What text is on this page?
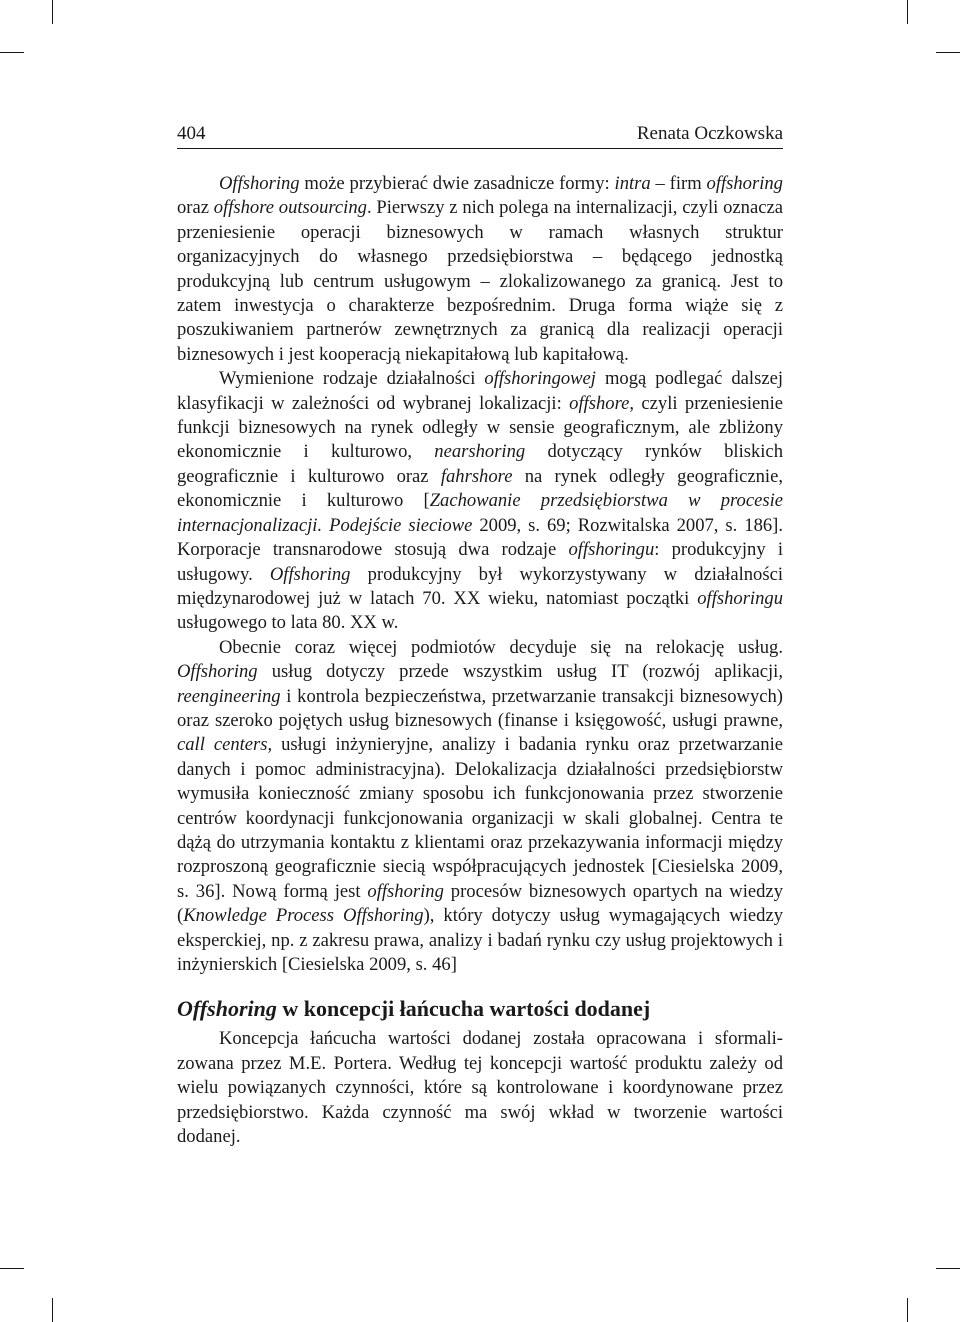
404	Renata Oczkowska

Offshoring może przybierać dwie zasadnicze formy: intra – firm offshoring oraz offshore outsourcing. Pierwszy z nich polega na internalizacji, czyli oznacza przeniesienie operacji biznesowych w ramach własnych struktur organizacyjnych do własnego przedsiębiorstwa – będącego jednostką produkcyjną lub centrum usługowym – zlokalizowanego za granicą. Jest to zatem inwestycja o charakterze bezpośrednim. Druga forma wiąże się z poszukiwaniem partnerów zewnętrznych za granicą dla realizacji operacji biznesowych i jest kooperacją niekapitałową lub kapitałową.

Wymienione rodzaje działalności offshoringowej mogą podlegać dalszej klasyfikacji w zależności od wybranej lokalizacji: offshore, czyli przeniesienie funkcji biznesowych na rynek odległy w sensie geograficznym, ale zbliżony ekonomicznie i kulturowo, nearshoring dotyczący rynków bliskich geograficznie i kulturowo oraz fahrshore na rynek odległy geograficznie, ekonomicznie i kulturowo [Zachowanie przedsiębiorstwa w procesie internacjonalizacji. Podejście sieciowe 2009, s. 69; Rozwitalska 2007, s. 186]. Korporacje transnarodowe stosują dwa rodzaje offshoringu: produkcyjny i usługowy. Offshoring produkcyjny był wykorzystywany w działalności międzynarodowej już w latach 70. XX wieku, natomiast początki offshoringu usługowego to lata 80. XX w.

Obecnie coraz więcej podmiotów decyduje się na relokację usług. Offshoring usług dotyczy przede wszystkim usług IT (rozwój aplikacji, reengineering i kontrola bezpieczeństwa, przetwarzanie transakcji biznesowych) oraz szeroko pojętych usług biznesowych (finanse i księgowość, usługi prawne, call centers, usługi inżynieryjne, analizy i badania rynku oraz przetwarzanie danych i pomoc administracyjna). Delokalizacja działalności przedsiębiorstw wymusiła konieczność zmiany sposobu ich funkcjonowania przez stworzenie centrów koordynacji funkcjonowania organizacji w skali globalnej. Centra te dążą do utrzymania kontaktu z klientami oraz przekazywania informacji między rozproszoną geograficznie siecią współpracujących jednostek [Ciesielska 2009, s. 36]. Nową formą jest offshoring procesów biznesowych opartych na wiedzy (Knowledge Process Offshoring), który dotyczy usług wymagających wiedzy eksperckiej, np. z zakresu prawa, analizy i badań rynku czy usług projektowych i inżynierskich [Ciesielska 2009, s. 46]

Offshoring w koncepcji łańcucha wartości dodanej

Koncepcja łańcucha wartości dodanej została opracowana i sformalizowana przez M.E. Portera. Według tej koncepcji wartość produktu zależy od wielu powiązanych czynności, które są kontrolowane i koordynowane przez przedsiębiorstwo. Każda czynność ma swój wkład w tworzenie wartości dodanej.
